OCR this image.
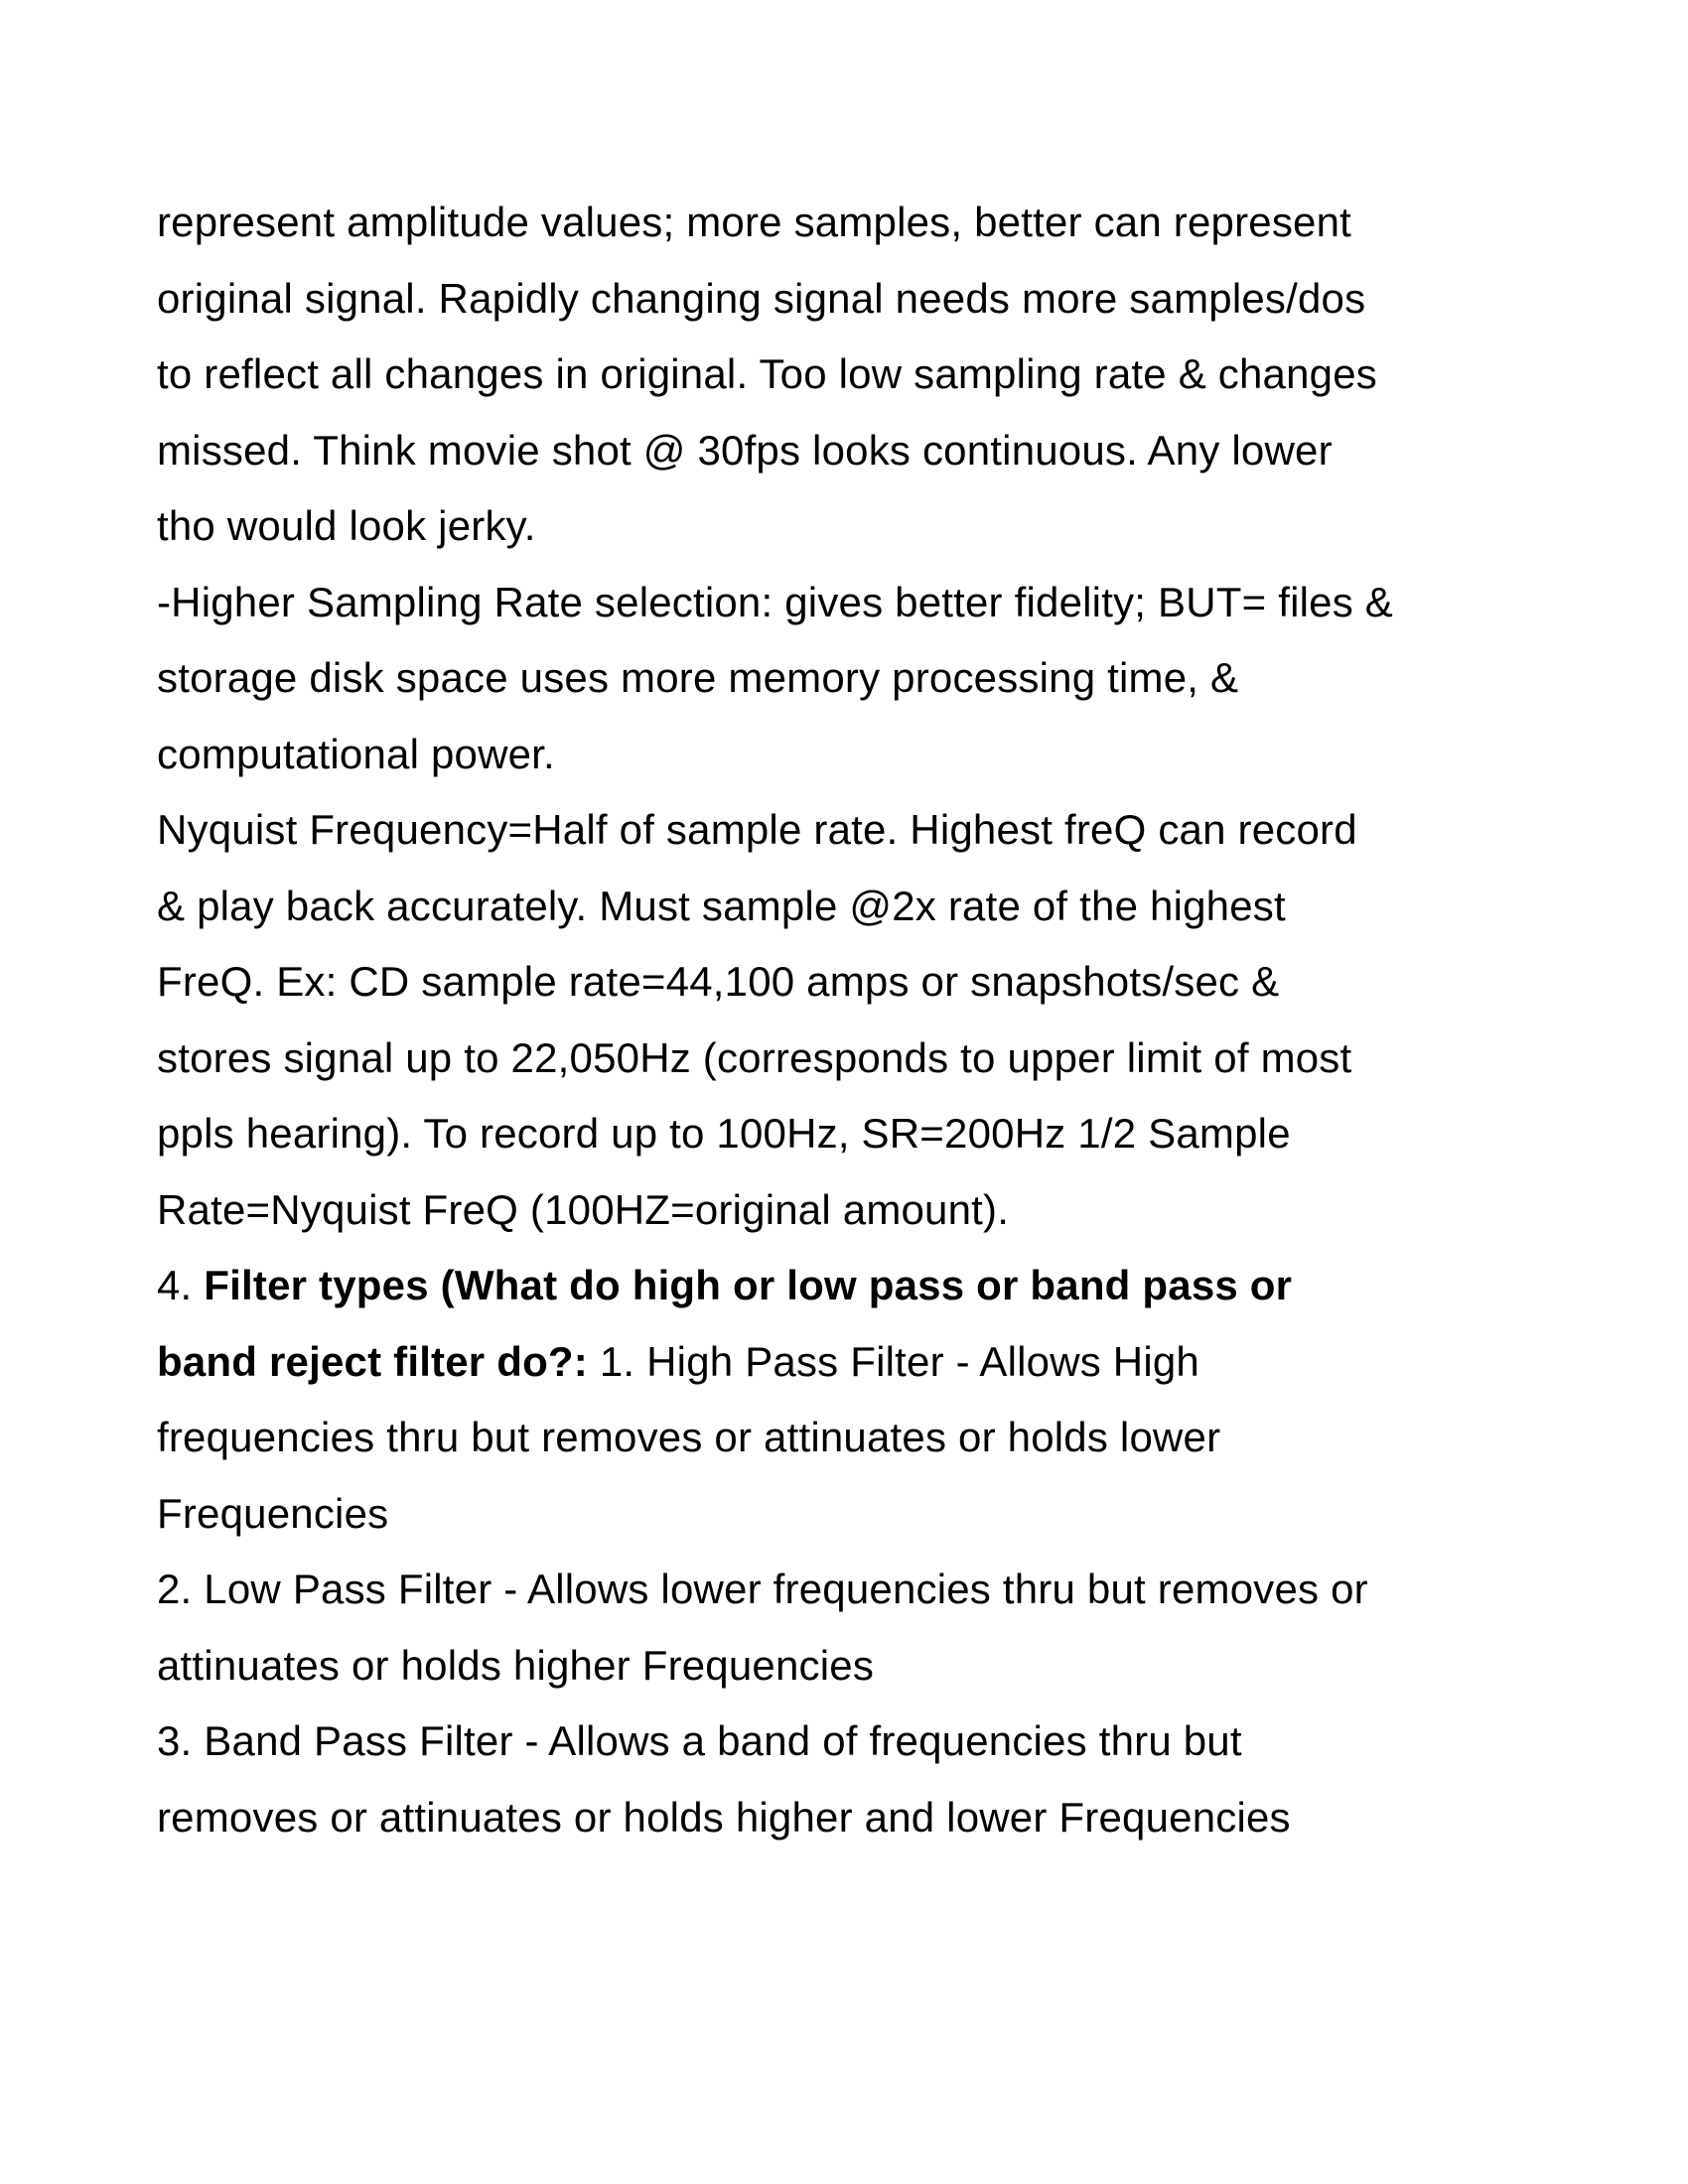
represent amplitude values; more samples, better can represent
original signal. Rapidly changing signal needs more samples/dos
to reflect all changes in original. Too low sampling rate & changes
missed. Think movie shot @ 30fps looks continuous. Any lower
tho would look jerky.
-Higher Sampling Rate selection: gives better fidelity; BUT= files &
storage disk space uses more memory processing time, &
computational power.
Nyquist Frequency=Half of sample rate. Highest freQ can record
& play back accurately. Must sample @2x rate of the highest
FreQ. Ex: CD sample rate=44,100 amps or snapshots/sec &
stores signal up to 22,050Hz (corresponds to upper limit of most
ppls hearing). To record up to 100Hz, SR=200Hz 1/2 Sample
Rate=Nyquist FreQ (100HZ=original amount).
4. Filter types (What do high or low pass or band pass or
band reject filter do?: 1. High Pass Filter - Allows High
frequencies thru but removes or attinuates or holds lower
Frequencies
2. Low Pass Filter - Allows lower frequencies thru but removes or
attinuates or holds higher Frequencies
3. Band Pass Filter - Allows a band of frequencies thru but
removes or attinuates or holds higher and lower Frequencies
